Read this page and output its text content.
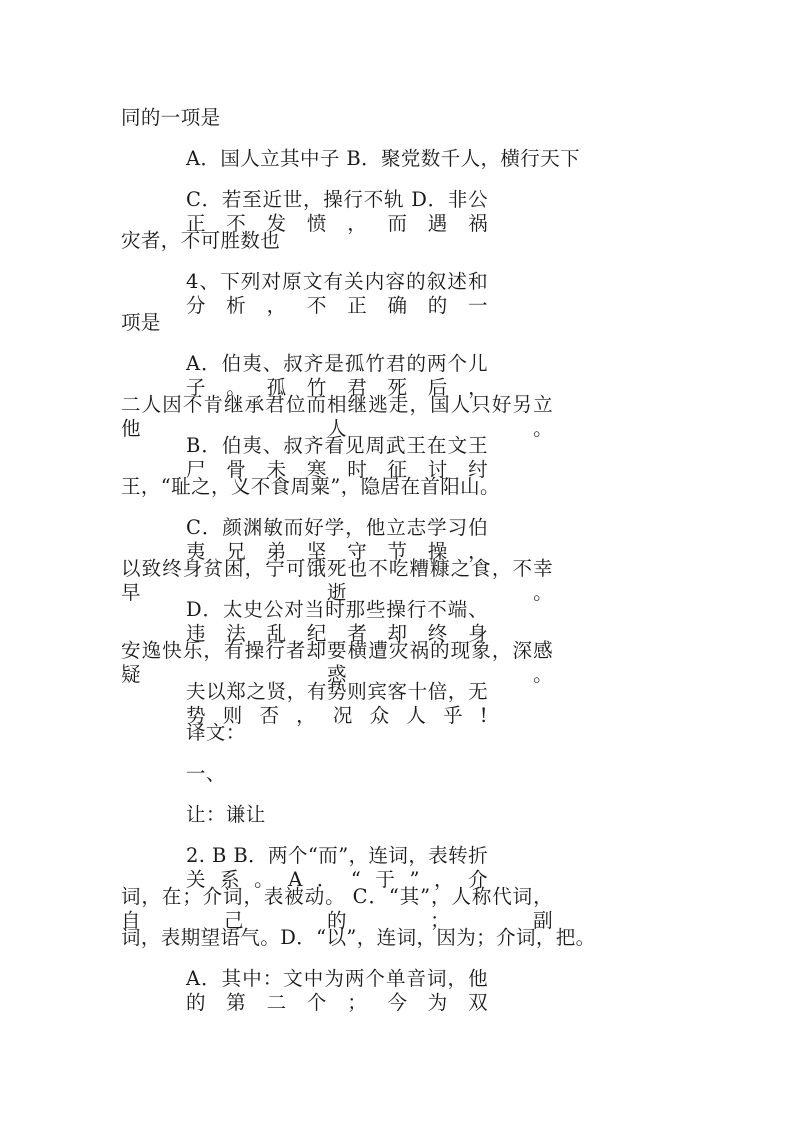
同的一项是
A．国人立其中子 B．聚党数千人，横行天下
C．若至近世，操行不轨 D．非公正不发愤，而遇祸
灾者，不可胜数也
4、下列对原文有关内容的叙述和分析，不正确的一
项是
A．伯夷、叔齐是孤竹君的两个儿子。孤竹君死后，
二人因不肯继承君位而相继逃走，国人只好另立他人。
B．伯夷、叔齐看见周武王在文王尸骨未寒时征讨纣
王，“耻之，义不食周粟”，隐居在首阳山。
C．颜渊敏而好学，他立志学习伯夷兄弟坚守节操，
以致终身贫困，宁可饿死也不吃糟糠之食，不幸早逝。
D．太史公对当时那些操行不端、违法乱纪者却终身
安逸快乐，有操行者却要横遭灾祸的现象，深感疑惑。
夫以郑之贤，有势则宾客十倍，无势则否，况众人乎!
译文：
一、
让：谦让
2. B B．两个“而”，连词，表转折关系。A．“于”，介
词，在；介词，表被动。 C．“其”，人称代词，自己的；副
词，表期望语气。D．“以”，连词，因为；介词，把。
A．其中：文中为两个单音词，他的第二个；今为双
